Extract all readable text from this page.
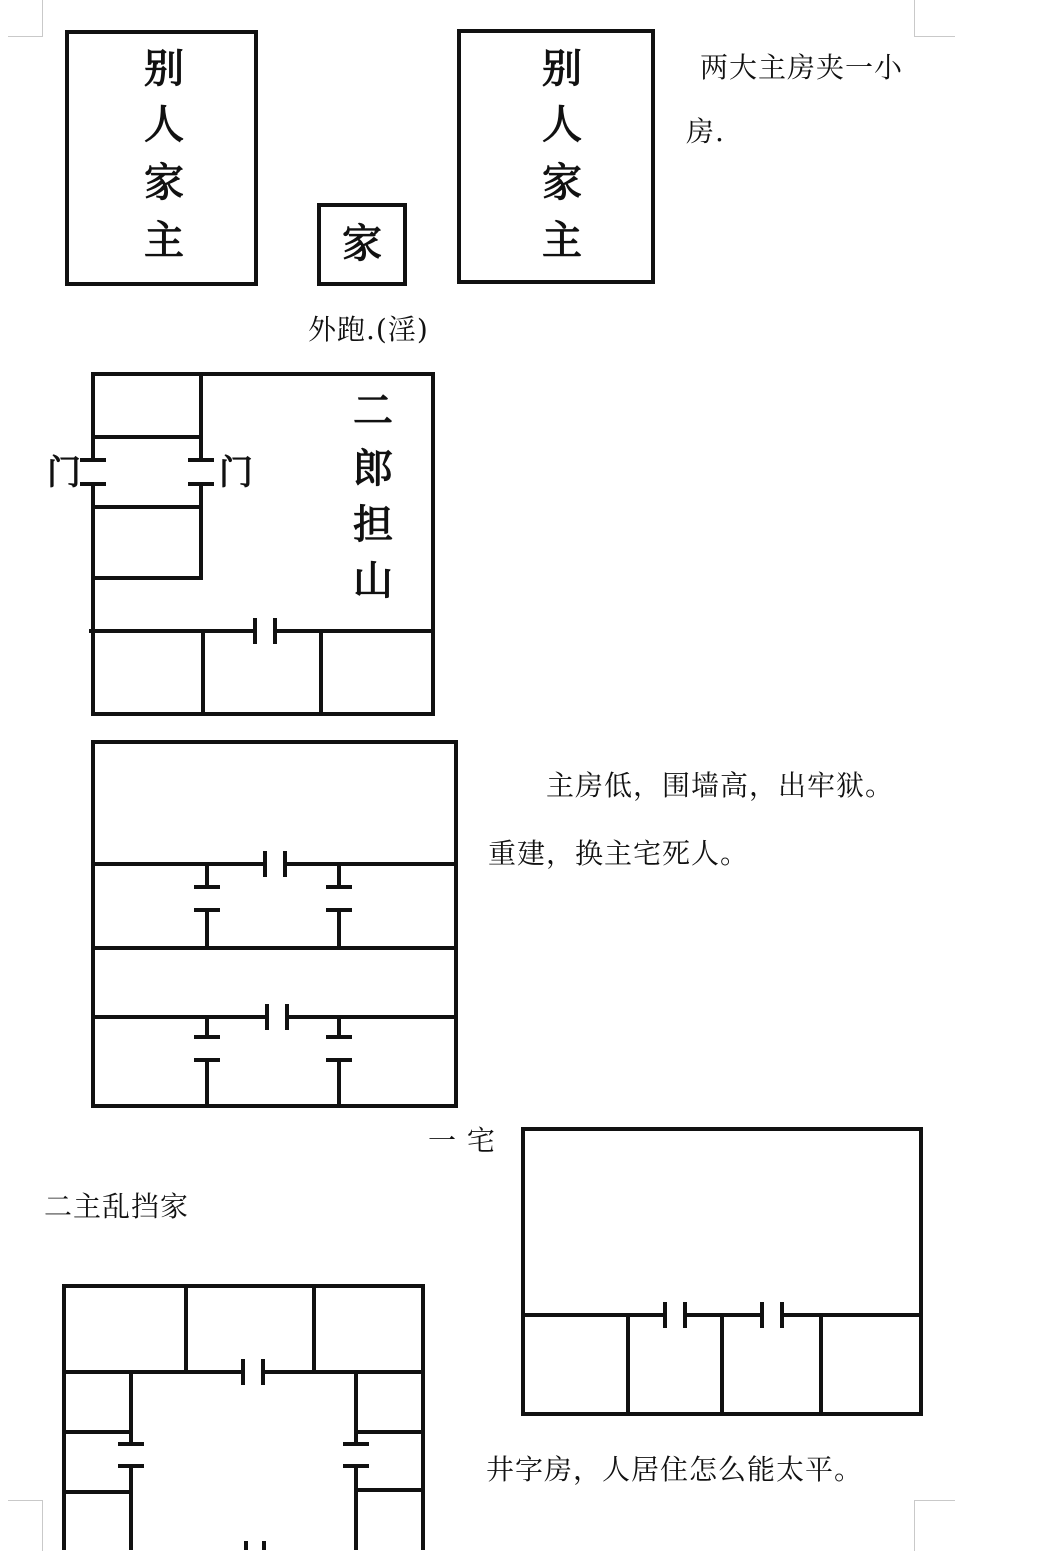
别
人
家
主	家
别
人
家
主
门	门
二
郎
担
山
两大主房夹一小
房.
外跑.(淫)
主房低，围墙高，出牢狱。
重建，换主宅死人。
一 宅
二主乱挡家
井字房，人居住怎么能太平。
